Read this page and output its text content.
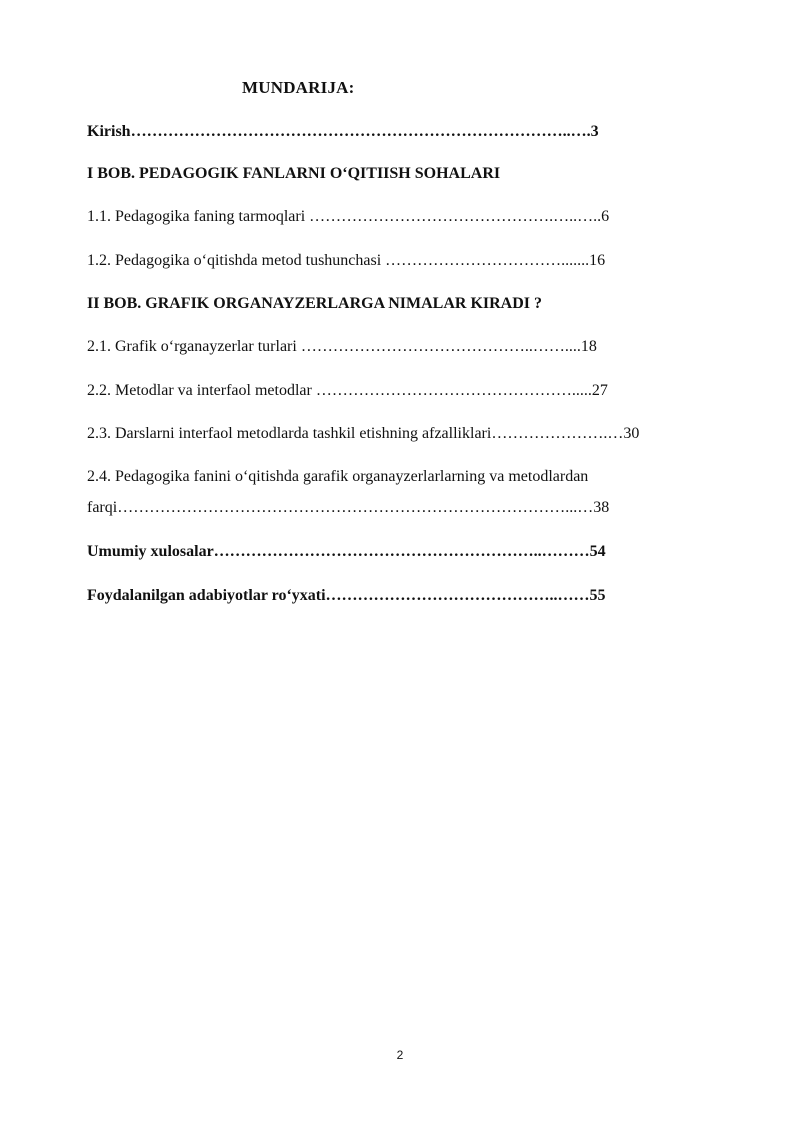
MUNDARIJA:
Kirish………………………………………………………………………..….3
I BOB. PEDAGOGIK FANLARNI O‘QITIISH SOHALARI
1.1. Pedagogika faning tarmoqlari ……………………………………….…..…..6
1.2. Pedagogika o‘qitishda metod tushunchasi …………………………….......16
II BOB. GRAFIK ORGANAYZERLARGA NIMALAR KIRADI ?
2.1. Grafik o‘rganayzerlar turlari ……………………………………..……....18
2.2. Metodlar va interfaol metodlar ………………………………………….....27
2.3. Darslarni interfaol metodlarda tashkil etishning afzalliklari………………….…30
2.4. Pedagogika fanini o‘qitishda garafik organayzerlarlarning va metodlardan
farqi…………………………………………………………………………...…38
Umumiy xulosalar……………………………………………………..………54
Foydalanilgan adabiyotlar ro‘yxati……………………………………..……55
2
